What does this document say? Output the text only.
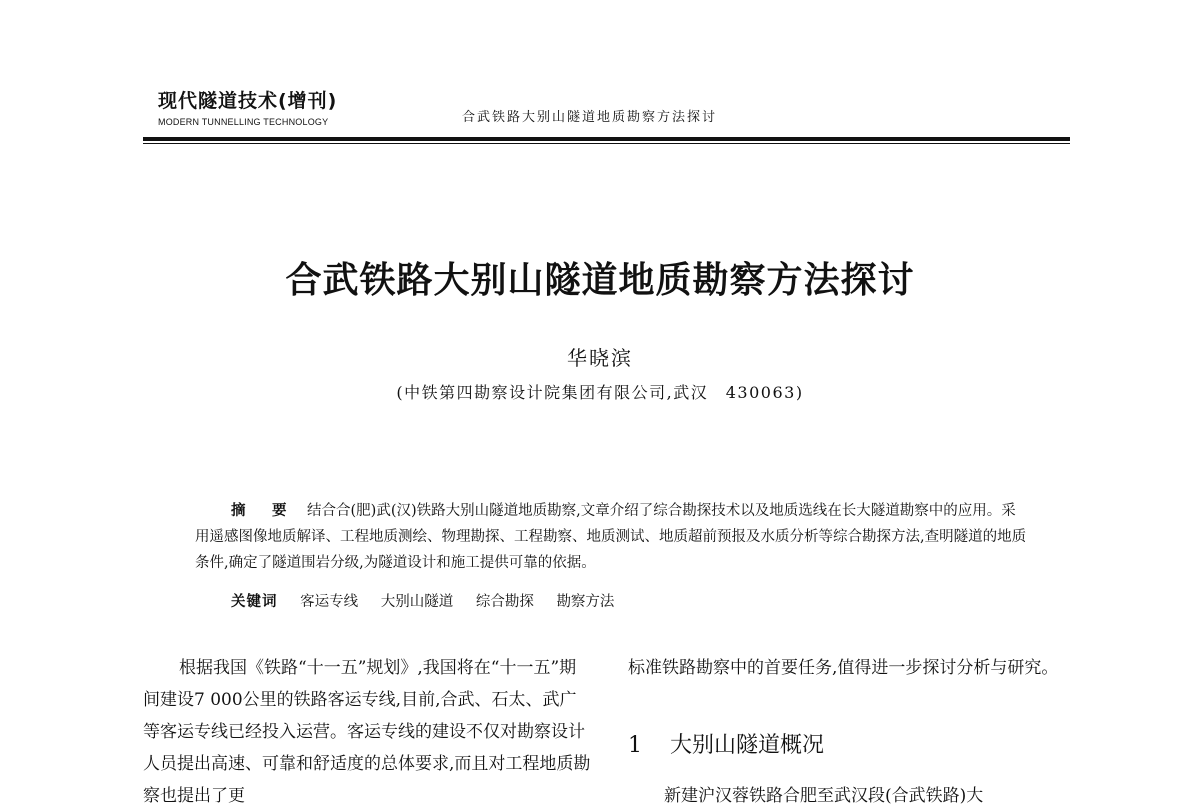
现代隧道技术(增刊)
MODERN TUNNELLING TECHNOLOGY	合武铁路大别山隧道地质勘察方法探讨
合武铁路大别山隧道地质勘察方法探讨
华晓滨
(中铁第四勘察设计院集团有限公司,武汉　430063)

摘　要　 结合合(肥)武(汉)铁路大别山隧道地质勘察,文章介绍了综合勘探技术以及地质选线在长大隧道勘察中的应用。采用遥感图像地质解译、工程地质测绘、物理勘探、工程勘察、地质测试、地质超前预报及水质分析等综合勘探方法,查明隧道的地质条件,确定了隧道围岩分级,为隧道设计和施工提供可靠的依据。

关键词 客运专线 大别山隧道 综合勘探 勘察方法

根据我国《铁路“十一五”规划》,我国将在“十一五”期间建设7 000公里的铁路客运专线,目前,合武、石太、武广等客运专线已经投入运营。客运专线的建设不仅对勘察设计人员提出高速、可靠和舒适度的总体要求,而且对工程地质勘察也提出了更

标准铁路勘察中的首要任务,值得进一步探讨分析与研究。

1 大别山隧道概况

新建沪汉蓉铁路合肥至武汉段(合武铁路)大
